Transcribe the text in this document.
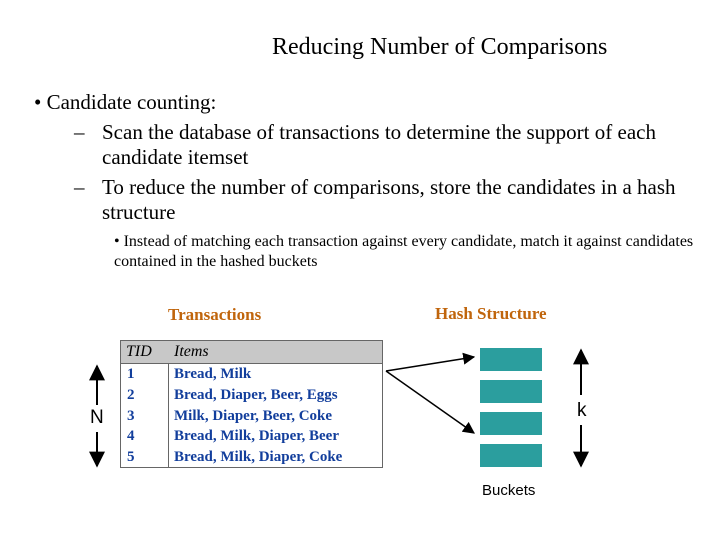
Reducing Number of Comparisons
• Candidate counting:
– Scan the database of transactions to determine the support of each candidate itemset
– To reduce the number of comparisons, store the candidates in a hash structure
• Instead of matching each transaction against every candidate, match it against candidates contained in the hashed buckets
Transactions	Hash Structure
TID Items
1	Bread, Milk
2	Bread, Diaper, Beer, Eggs
3	Milk, Diaper, Beer, Coke
4	Bread, Milk, Diaper, Beer
5	Bread, Milk, Diaper, Coke
N	k
Buckets
